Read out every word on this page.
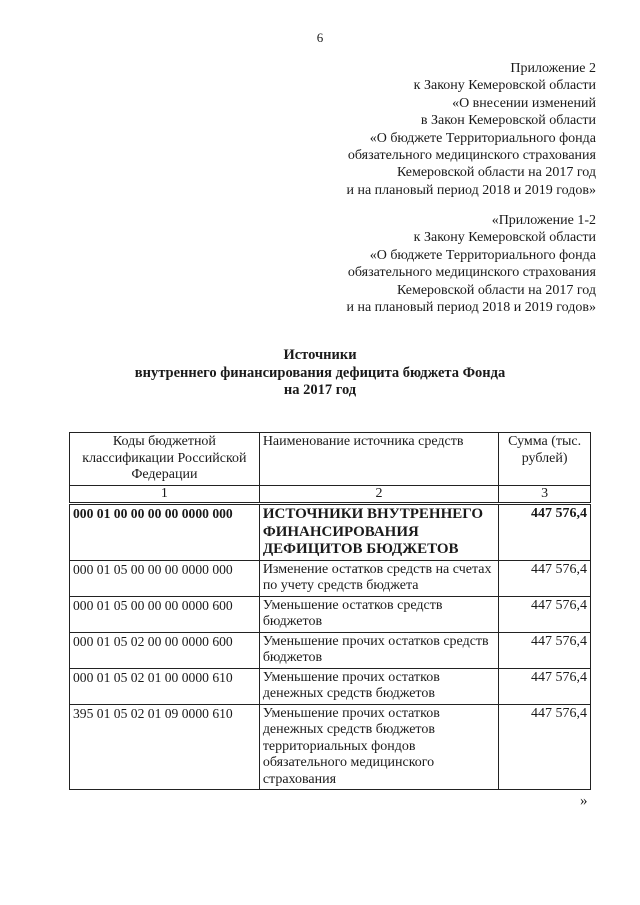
6
Приложение 2
к Закону Кемеровской области
«О внесении изменений
в Закон Кемеровской области
«О бюджете Территориального фонда
обязательного медицинского страхования
Кемеровской области на 2017 год
и на плановый период 2018 и 2019 годов»
«Приложение 1-2
к Закону Кемеровской области
«О бюджете Территориального фонда
обязательного медицинского страхования
Кемеровской области на 2017 год
и на плановый период 2018 и 2019 годов»
Источники
внутреннего финансирования дефицита бюджета Фонда
на 2017 год
Коды бюджетной классификации Российской Федерации	Наименование источника средств	Сумма (тыс. рублей)
1	2	3
000 01 00 00 00 00 0000 000	ИСТОЧНИКИ ВНУТРЕННЕГО ФИНАНСИРОВАНИЯ ДЕФИЦИТОВ БЮДЖЕТОВ	447 576,4
000 01 05 00 00 00 0000 000	Изменение остатков средств на счетах по учету средств бюджета	447 576,4
000 01 05 00 00 00 0000 600	Уменьшение остатков средств бюджетов	447 576,4
000 01 05 02 00 00 0000 600	Уменьшение прочих остатков средств бюджетов	447 576,4
000 01 05 02 01 00 0000 610	Уменьшение прочих остатков денежных средств бюджетов	447 576,4
395 01 05 02 01 09 0000 610	Уменьшение прочих остатков денежных средств бюджетов территориальных фондов обязательного медицинского страхования	447 576,4
»
